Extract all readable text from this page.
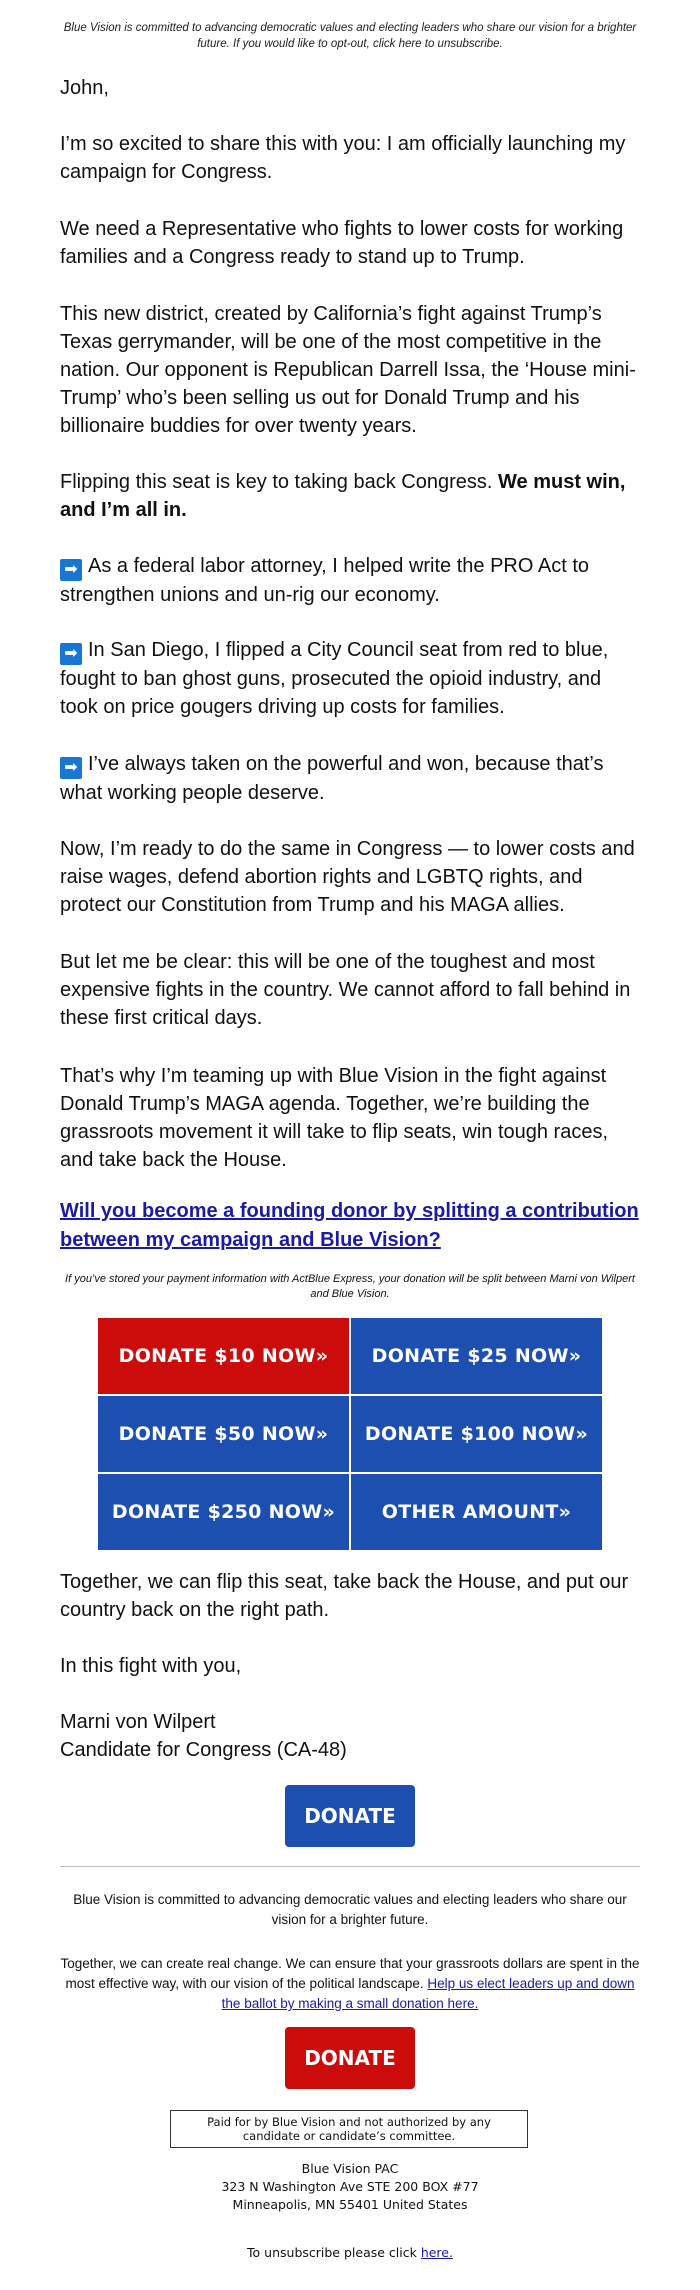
Blue Vision is committed to advancing democratic values and electing leaders who share our vision for a brighter future. If you would like to opt-out, click here to unsubscribe.
John,
I’m so excited to share this with you: I am officially launching my campaign for Congress.
We need a Representative who fights to lower costs for working families and a Congress ready to stand up to Trump.
This new district, created by California’s fight against Trump’s Texas gerrymander, will be one of the most competitive in the nation. Our opponent is Republican Darrell Issa, the ‘House mini-Trump’ who’s been selling us out for Donald Trump and his billionaire buddies for over twenty years.
Flipping this seat is key to taking back Congress. We must win, and I’m all in.
➡ As a federal labor attorney, I helped write the PRO Act to strengthen unions and un-rig our economy.
➡ In San Diego, I flipped a City Council seat from red to blue, fought to ban ghost guns, prosecuted the opioid industry, and took on price gougers driving up costs for families.
➡ I’ve always taken on the powerful and won, because that’s what working people deserve.
Now, I’m ready to do the same in Congress — to lower costs and raise wages, defend abortion rights and LGBTQ rights, and protect our Constitution from Trump and his MAGA allies.
But let me be clear: this will be one of the toughest and most expensive fights in the country. We cannot afford to fall behind in these first critical days.
That’s why I’m teaming up with Blue Vision in the fight against Donald Trump’s MAGA agenda. Together, we’re building the grassroots movement it will take to flip seats, win tough races, and take back the House.
Will you become a founding donor by splitting a contribution between my campaign and Blue Vision?
If you’ve stored your payment information with ActBlue Express, your donation will be split between Marni von Wilpert and Blue Vision.
DONATE $10 NOW»	DONATE $25 NOW»
DONATE $50 NOW»	DONATE $100 NOW»
DONATE $250 NOW»	OTHER AMOUNT»
Together, we can flip this seat, take back the House, and put our country back on the right path.
In this fight with you,
Marni von Wilpert
Candidate for Congress (CA-48)
DONATE
Blue Vision is committed to advancing democratic values and electing leaders who share our vision for a brighter future.
Together, we can create real change. We can ensure that your grassroots dollars are spent in the most effective way, with our vision of the political landscape. Help us elect leaders up and down the ballot by making a small donation here.
DONATE
Paid for by Blue Vision and not authorized by any candidate or candidate’s committee.
Blue Vision PAC
323 N Washington Ave STE 200 BOX #77
Minneapolis, MN 55401 United States
To unsubscribe please click here.
